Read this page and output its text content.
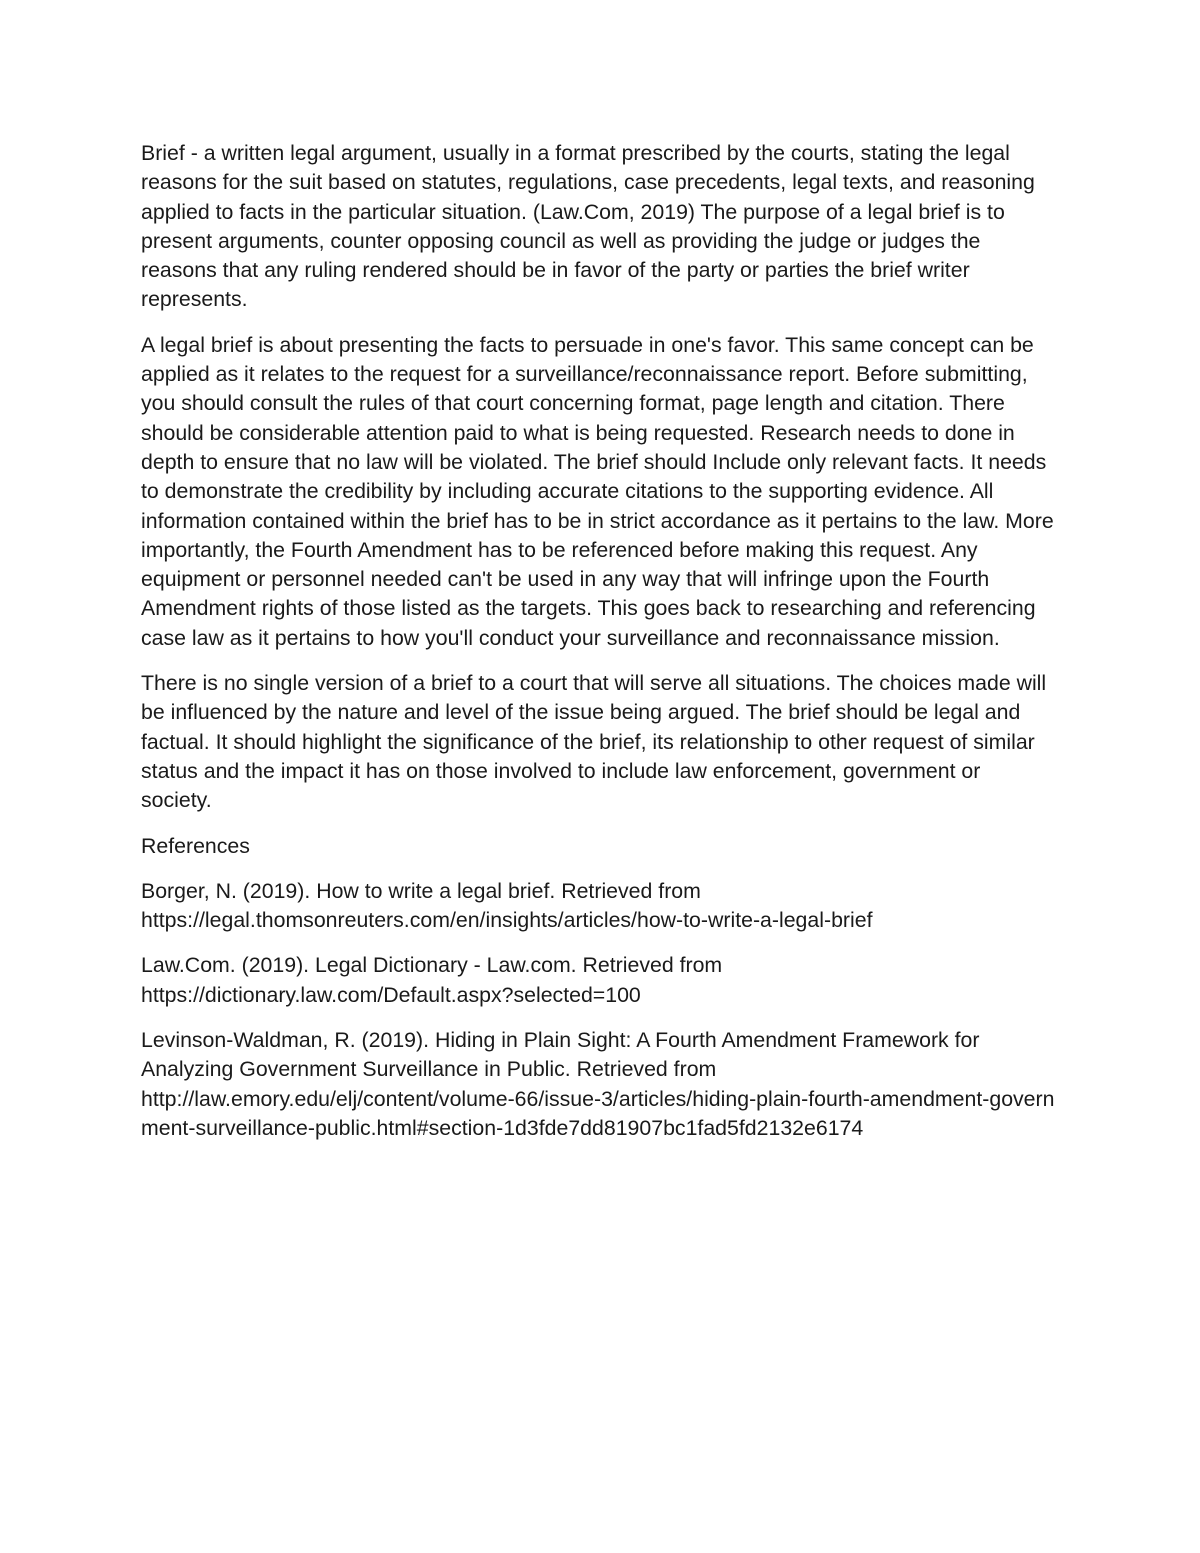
Brief - a written legal argument, usually in a format prescribed by the courts, stating the legal reasons for the suit based on statutes, regulations, case precedents, legal texts, and reasoning applied to facts in the particular situation. (Law.Com, 2019) The purpose of a legal brief is to present arguments, counter opposing council as well as providing the judge or judges the reasons that any ruling rendered should be in favor of the party or parties the brief writer represents.

A legal brief is about presenting the facts to persuade in one's favor. This same concept can be applied as it relates to the request for a surveillance/reconnaissance report. Before submitting, you should consult the rules of that court concerning format, page length and citation. There should be considerable attention paid to what is being requested. Research needs to done in depth to ensure that no law will be violated. The brief should Include only relevant facts. It needs to demonstrate the credibility by including accurate citations to the supporting evidence. All information contained within the brief has to be in strict accordance as it pertains to the law. More importantly, the Fourth Amendment has to be referenced before making this request. Any equipment or personnel needed can't be used in any way that will infringe upon the Fourth Amendment rights of those listed as the targets. This goes back to researching and referencing case law as it pertains to how you'll conduct your surveillance and reconnaissance mission.

There is no single version of a brief to a court that will serve all situations. The choices made will be influenced by the nature and level of the issue being argued. The brief should be legal and factual. It should highlight the significance of the brief, its relationship to other request of similar status and the impact it has on those involved to include law enforcement, government or society.

References

Borger, N. (2019). How to write a legal brief. Retrieved from
https://legal.thomsonreuters.com/en/insights/articles/how-to-write-a-legal-brief

Law.Com. (2019). Legal Dictionary - Law.com. Retrieved from
https://dictionary.law.com/Default.aspx?selected=100

Levinson-Waldman, R. (2019). Hiding in Plain Sight: A Fourth Amendment Framework for Analyzing Government Surveillance in Public. Retrieved from
http://law.emory.edu/elj/content/volume-66/issue-3/articles/hiding-plain-fourth-amendment-government-surveillance-public.html#section-1d3fde7dd81907bc1fad5fd2132e6174
